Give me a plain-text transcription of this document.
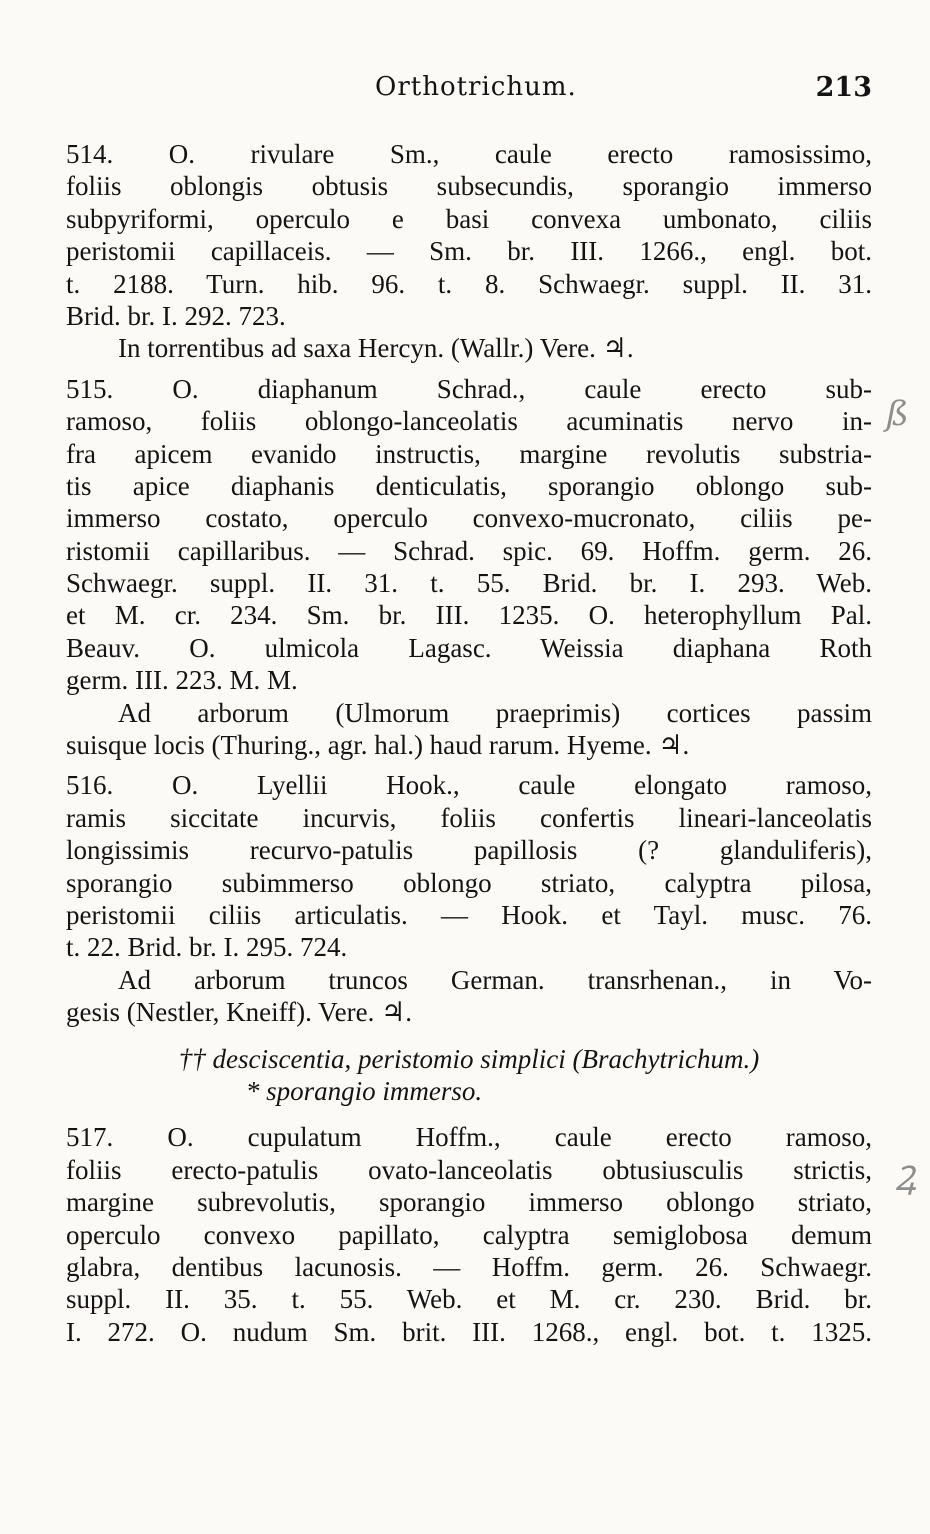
Orthotrichum.	213
ß
Ꝝ
514. O. rivulare Sm., caule erecto ramosissimo,
foliis oblongis obtusis subsecundis, sporangio immerso
subpyriformi, operculo e basi convexa umbonato, ciliis
peristomii capillaceis. — Sm. br. III. 1266., engl. bot.
t. 2188. Turn. hib. 96. t. 8. Schwaegr. suppl. II. 31.
Brid. br. I. 292. 723.
In torrentibus ad saxa Hercyn. (Wallr.) Vere. ♃.
515. O. diaphanum Schrad., caule erecto sub-
ramoso, foliis oblongo-lanceolatis acuminatis nervo in-
fra apicem evanido instructis, margine revolutis substria-
tis apice diaphanis denticulatis, sporangio oblongo sub-
immerso costato, operculo convexo-mucronato, ciliis pe-
ristomii capillaribus. — Schrad. spic. 69. Hoffm. germ. 26.
Schwaegr. suppl. II. 31. t. 55. Brid. br. I. 293. Web.
et M. cr. 234. Sm. br. III. 1235. O. heterophyllum Pal.
Beauv. O. ulmicola Lagasc. Weissia diaphana Roth
germ. III. 223. M. M.
Ad arborum (Ulmorum praeprimis) cortices passim
suisque locis (Thuring., agr. hal.) haud rarum. Hyeme. ♃.
516. O. Lyellii Hook., caule elongato ramoso,
ramis siccitate incurvis, foliis confertis lineari-lanceolatis
longissimis recurvo-patulis papillosis (? glanduliferis),
sporangio subimmerso oblongo striato, calyptra pilosa,
peristomii ciliis articulatis. — Hook. et Tayl. musc. 76.
t. 22. Brid. br. I. 295. 724.
Ad arborum truncos German. transrhenan., in Vo-
gesis (Nestler, Kneiff). Vere. ♃.
†† desciscentia, peristomio simplici (Brachytrichum.)
* sporangio immerso.
517. O. cupulatum Hoffm., caule erecto ramoso,
foliis erecto-patulis ovato-lanceolatis obtusiusculis strictis,
margine subrevolutis, sporangio immerso oblongo striato,
operculo convexo papillato, calyptra semiglobosa demum
glabra, dentibus lacunosis. — Hoffm. germ. 26. Schwaegr.
suppl. II. 35. t. 55. Web. et M. cr. 230. Brid. br.
I. 272. O. nudum Sm. brit. III. 1268., engl. bot. t. 1325.
